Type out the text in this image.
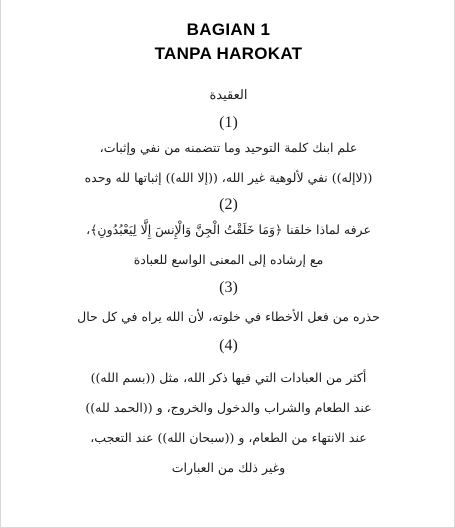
BAGIAN 1
TANPA HAROKAT
العقيدة
(1)
علم ابنك كلمة التوحيد وما تتضمنه من نفي وإثبات،
((لاإله)) نفي لألوهية غير الله، ((إلا الله)) إثباتها لله وحده
(2)
عرفه لماذا خلقنا ﴿وَمَا خَلَقْتُ الْجِنَّ وَالْإِنسَ إِلَّا لِيَعْبُدُونِ﴾،
مع إرشاده إلى المعنى الواسع للعبادة
(3)
حذره من فعل الأخطاء في خلوته، لأن الله يراه في كل حال
(4)
أكثر من العبادات التي فيها ذكر الله، مثل ((بسم الله))
عند الطعام والشراب والدخول والخروج، و ((الحمد لله))
عند الانتهاء من الطعام، و ((سبحان الله)) عند التعجب،
وغير ذلك من العبارات
